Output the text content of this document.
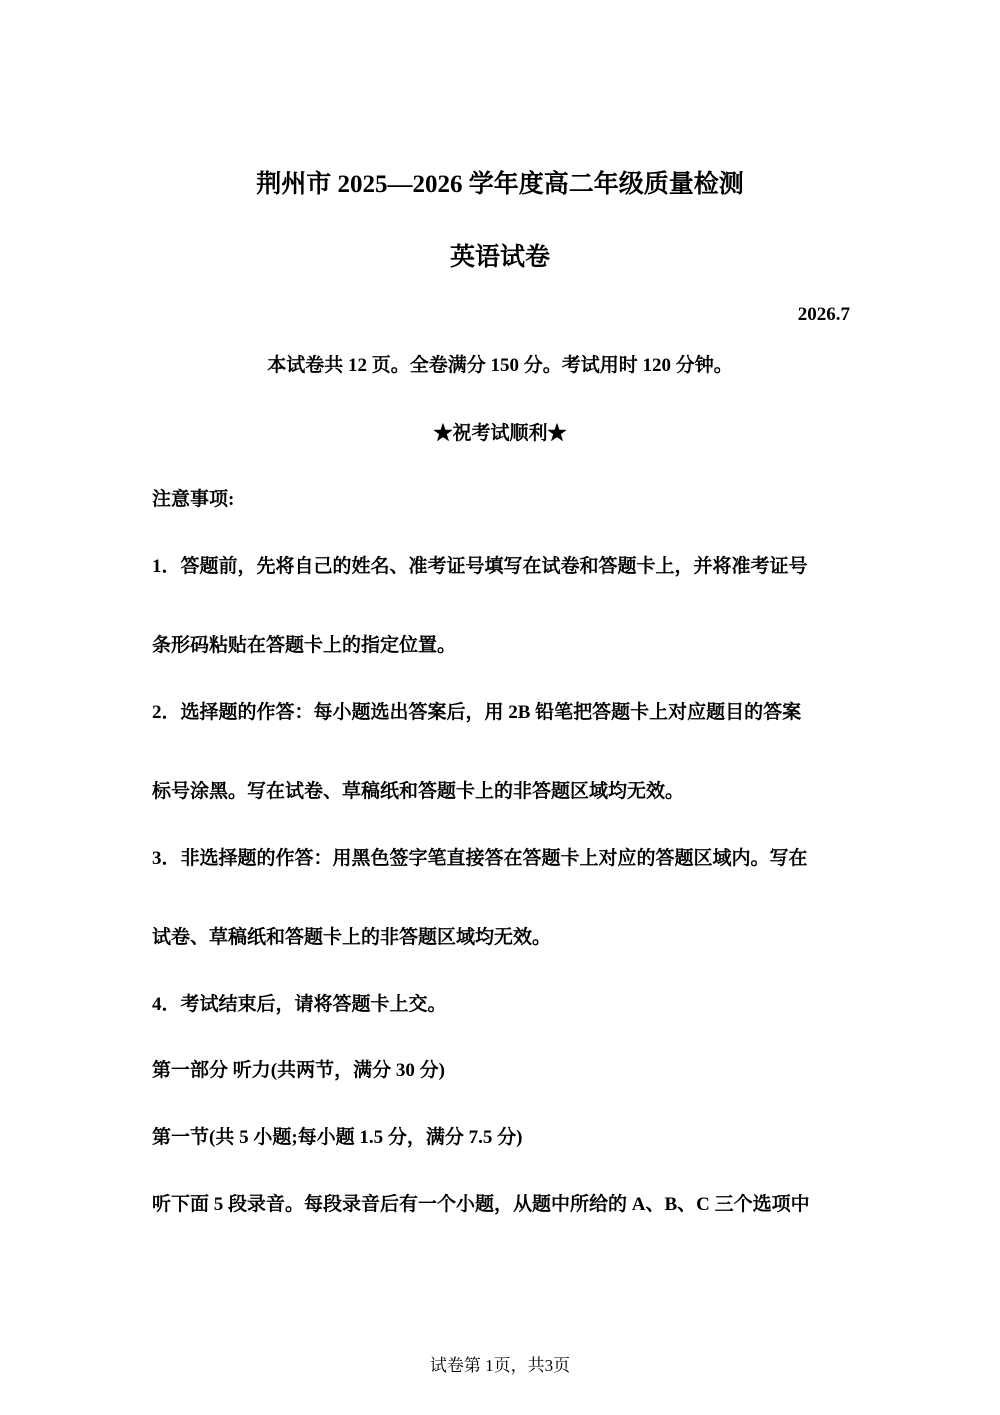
荆州市 2025—2026 学年度高二年级质量检测
英语试卷
2026.7
本试卷共 12 页。全卷满分 150 分。考试用时 120 分钟。
★祝考试顺利★
注意事项:
1．答题前，先将自己的姓名、准考证号填写在试卷和答题卡上，并将准考证号
条形码粘贴在答题卡上的指定位置。
2．选择题的作答：每小题选出答案后，用 2B 铅笔把答题卡上对应题目的答案
标号涂黑。写在试卷、草稿纸和答题卡上的非答题区域均无效。
3．非选择题的作答：用黑色签字笔直接答在答题卡上对应的答题区域内。写在
试卷、草稿纸和答题卡上的非答题区域均无效。
4．考试结束后，请将答题卡上交。
第一部分 听力(共两节，满分 30 分)
第一节(共 5 小题;每小题 1.5 分，满分 7.5 分)
听下面 5 段录音。每段录音后有一个小题，从题中所给的 A、B、C 三个选项中
试卷第 1页，共3页
